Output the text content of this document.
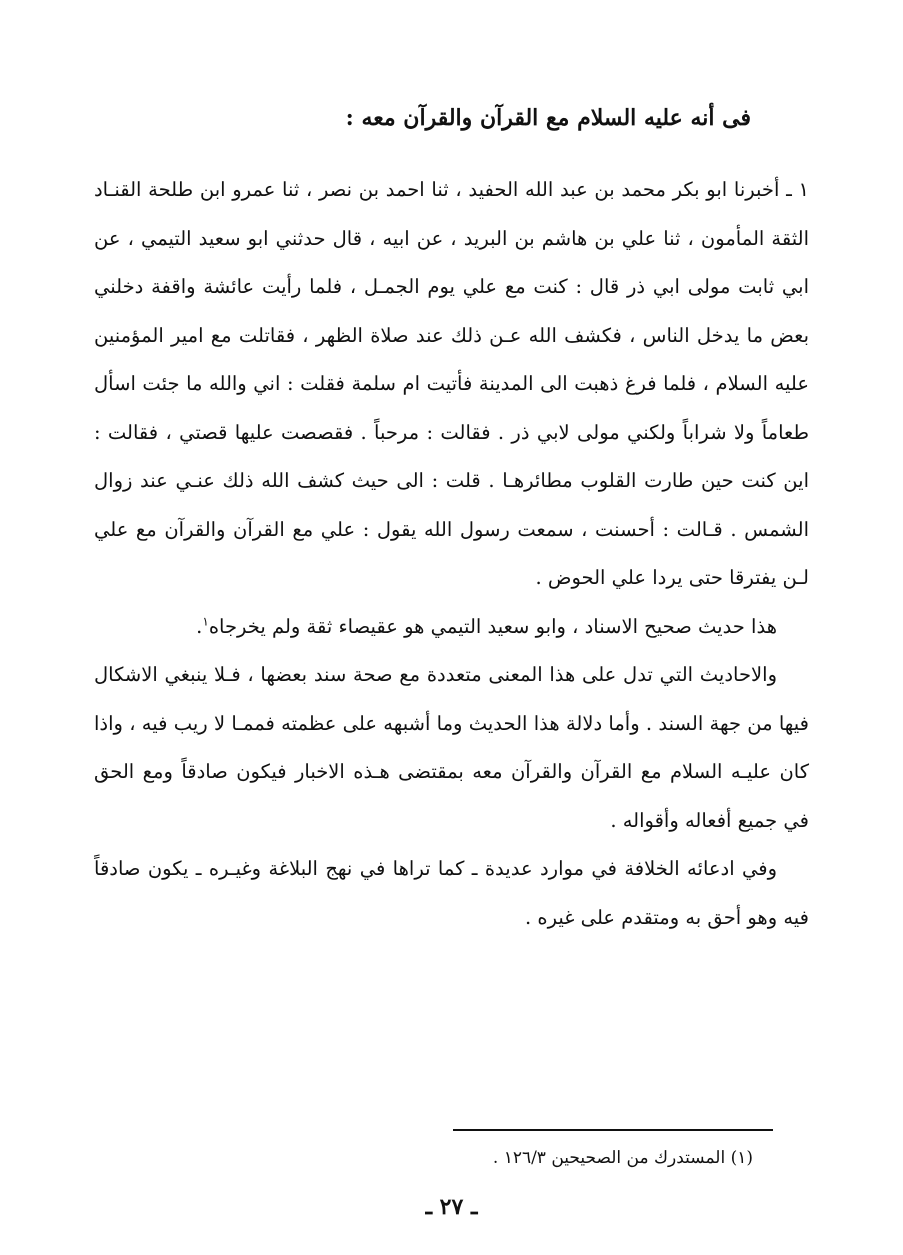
فى أنه عليه السلام مع القرآن والقرآن معه :

١ ـ أخبرنا ابو بكر محمد بن عبد الله الحفيد ، ثنا احمد بن نصر ، ثنا عمرو ابن طلحة القنـاد الثقة المأمون ، ثنا علي بن هاشم بن البريد ، عن ابيه ، قال حدثني ابو سعيد التيمي ، عن ابي ثابت مولى ابي ذر قال : كنت مع علي يوم الجمـل ، فلما رأيت عائشة واقفة دخلني بعض ما يدخل الناس ، فكشف الله عـن ذلك عند صلاة الظهر ، فقاتلت مع امير المؤمنين عليه السلام ، فلما فرغ ذهبت الى المدينة فأتيت ام سلمة فقلت : اني والله ما جئت اسأل طعاماً ولا شراباً ولكني مولى لابي ذر . فقالت : مرحباً . فقصصت عليها قصتي ، فقالت : اين كنت حين طارت القلوب مطائرهـا . قلت : الى حيث كشف الله ذلك عنـي عند زوال الشمس . قـالت : أحسنت ، سمعت رسول الله يقول : علي مع القرآن والقرآن مع علي لـن يفترقا حتى يردا علي الحوض .

هذا حديث صحيح الاسناد ، وابو سعيد التيمي هو عقيصاء ثقة ولم يخرجاه$^١$.

والاحاديث التي تدل على هذا المعنى متعددة مع صحة سند بعضها ، فـلا ينبغي الاشكال فيها من جهة السند . وأما دلالة هذا الحديث وما أشبهه على عظمته فممـا لا ريب فيه ، واذا كان عليـه السلام مع القرآن والقرآن معه بمقتضى هـذه الاخبار فيكون صادقاً ومع الحق في جميع أفعاله وأقواله .

وفي ادعائه الخلافة في موارد عديدة ـ كما تراها في نهج البلاغة وغيـره ـ يكون صادقاً فيه وهو أحق به ومتقدم على غيره .

(١) المستدرك من الصحيحين ١٢٦/٣ .
ـ ٢٧ ـ
